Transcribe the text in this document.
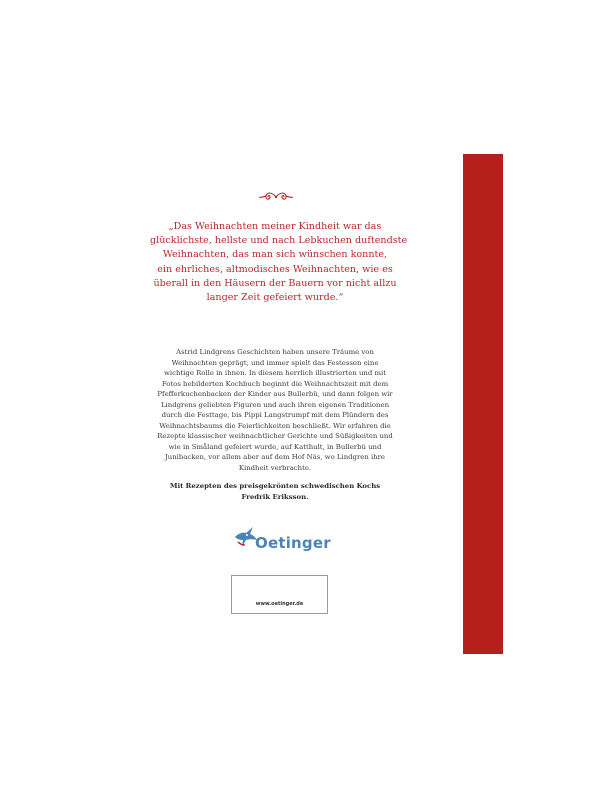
„Das Weihnachten meiner Kindheit war das
glücklichste, hellste und nach Lebkuchen duftendste
Weihnachten, das man sich wünschen konnte,
ein ehrliches, altmodisches Weihnachten, wie es
überall in den Häusern der Bauern vor nicht allzu
langer Zeit gefeiert wurde.“

Astrid Lindgrens Geschichten haben unsere Träume von
Weihnachten geprägt, und immer spielt das Festessen eine
wichtige Rolle in ihnen. In diesem herrlich illustrierten und mit
Fotos bebilderten Kochbuch beginnt die Weihnachtszeit mit dem
Pfefferkuchenbacken der Kinder aus Bullerbü, und dann folgen wir
Lindgrens geliebten Figuren und auch ihren eigenen Traditionen
durch die Festtage, bis Pippi Langstrumpf mit dem Plündern des
Weihnachtsbaums die Feierlichkeiten beschließt. Wir erfahren die
Rezepte klassischer weihnachtlicher Gerichte und Süßigkeiten und
wie in Småland gefeiert wurde, auf Katthult, in Bullerbü und
Junibacken, vor allem aber auf dem Hof Näs, wo Lindgren ihre
Kindheit verbrachte.

Mit Rezepten des preisgekrönten schwedischen Kochs
Fredrik Eriksson.

Oetinger
www.oetinger.de
